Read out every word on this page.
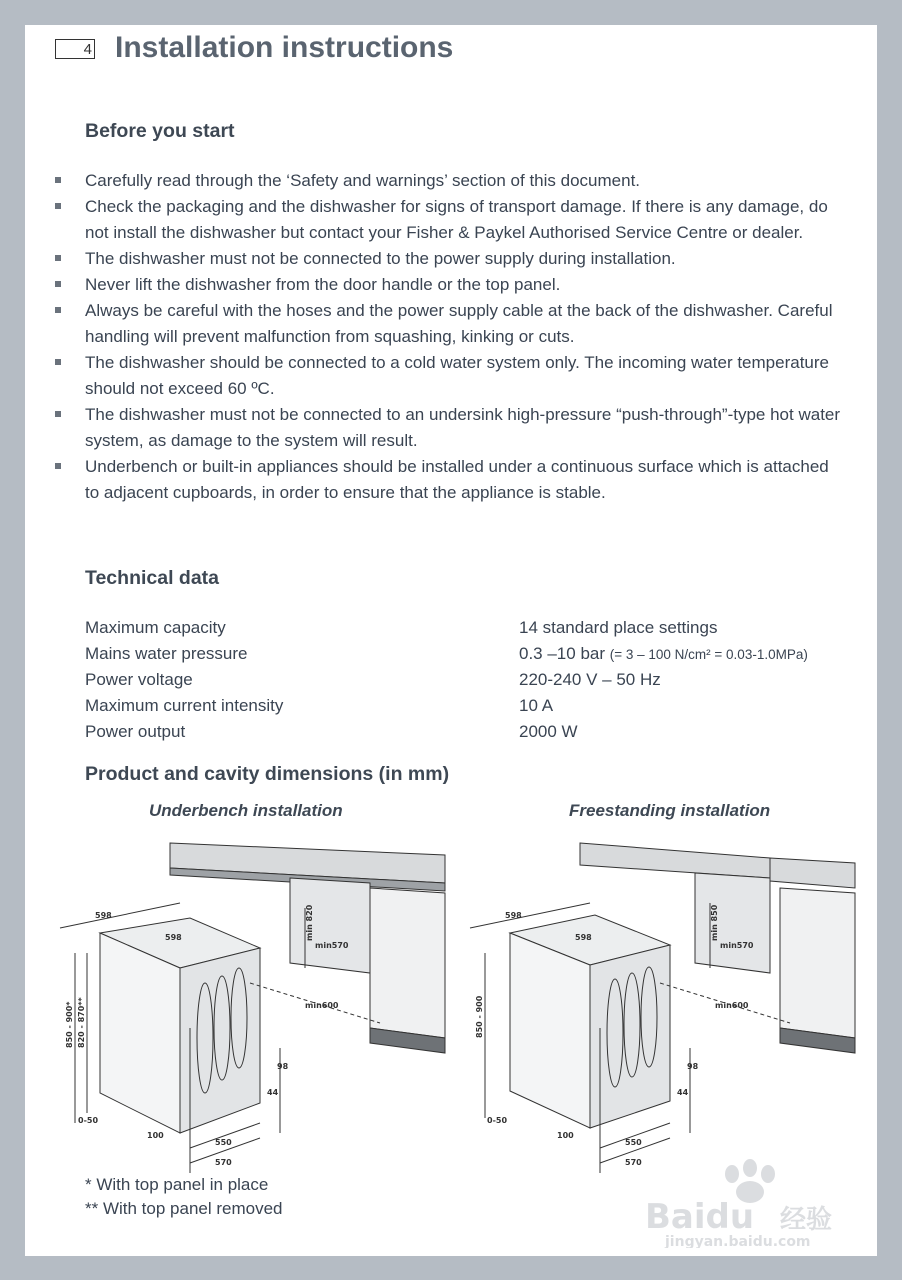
4 Installation instructions
Before you start
Carefully read through the ‘Safety and warnings’ section of this document.
Check the packaging and the dishwasher for signs of transport damage. If there is any damage, do not install the dishwasher but contact your Fisher & Paykel Authorised Service Centre or dealer.
The dishwasher must not be connected to the power supply during installation.
Never lift the dishwasher from the door handle or the top panel.
Always be careful with the hoses and the power supply cable at the back of the dishwasher. Careful handling will prevent malfunction from squashing, kinking or cuts.
The dishwasher should be connected to a cold water system only. The incoming water temperature should not exceed 60 ºC.
The dishwasher must not be connected to an undersink high-pressure “push-through”-type hot water system, as damage to the system will result.
Underbench or built-in appliances should be installed under a continuous surface which is attached to adjacent cupboards, in order to ensure that the appliance is stable.
Technical data
Maximum capacity	14 standard place settings
Mains water pressure	0.3 –10 bar (= 3 – 100 N/cm² = 0.03-1.0MPa)
Power voltage	220-240 V – 50 Hz
Maximum current intensity	10 A
Power output	2000 W
Product and cavity dimensions (in mm)

Underbench installation	Freestanding installation

598
598	min 820
min570
min600
850 - 900* 820 - 870**
98
44
550
570
100
0-50
598
598	min 850
min570
min600
850 - 900
98
44
550
570
100
0-50
* With top panel in place
** With top panel removed	Baidu 经验
jingyan.baidu.com
